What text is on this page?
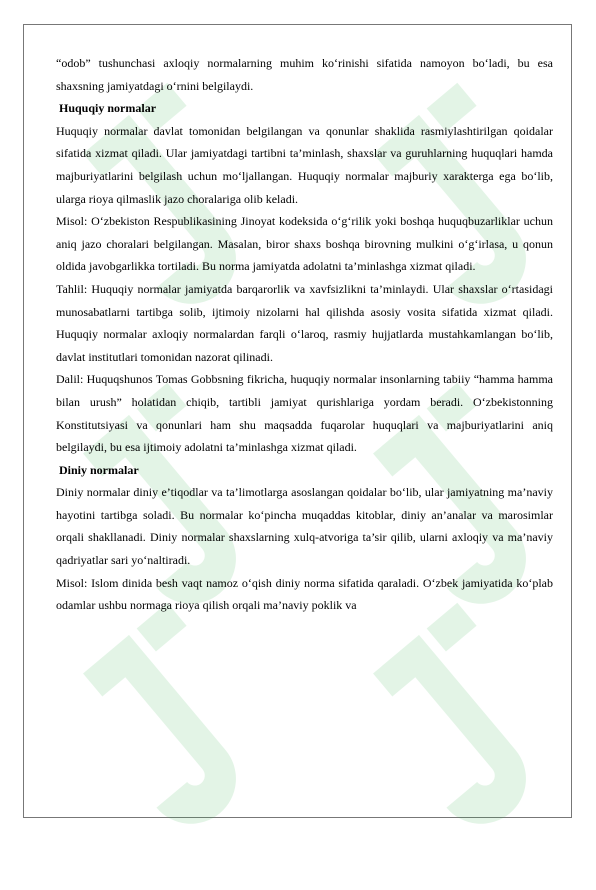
“odob” tushunchasi axloqiy normalarning muhim ko‘rinishi sifatida namoyon bo‘ladi, bu esa shaxsning jamiyatdagi o‘rnini belgilaydi.

Huquqiy normalar

Huquqiy normalar davlat tomonidan belgilangan va qonunlar shaklida rasmiylashtirilgan qoidalar sifatida xizmat qiladi. Ular jamiyatdagi tartibni ta’minlash, shaxslar va guruhlarning huquqlari hamda majburiyatlarini belgilash uchun mo‘ljallangan. Huquqiy normalar majburiy xarakterga ega bo‘lib, ularga rioya qilmaslik jazo choralariga olib keladi.

Misol: O‘zbekiston Respublikasining Jinoyat kodeksida o‘g‘rilik yoki boshqa huquqbuzarliklar uchun aniq jazo choralari belgilangan. Masalan, biror shaxs boshqa birovning mulkini o‘g‘irlasa, u qonun oldida javobgarlikka tortiladi. Bu norma jamiyatda adolatni ta’minlashga xizmat qiladi.

Tahlil: Huquqiy normalar jamiyatda barqarorlik va xavfsizlikni ta’minlaydi. Ular shaxslar o‘rtasidagi munosabatlarni tartibga solib, ijtimoiy nizolarni hal qilishda asosiy vosita sifatida xizmat qiladi. Huquqiy normalar axloqiy normalardan farqli o‘laroq, rasmiy hujjatlarda mustahkamlangan bo‘lib, davlat institutlari tomonidan nazorat qilinadi.

Dalil: Huquqshunos Tomas Gobbsning fikricha, huquqiy normalar insonlarning tabiiy “hamma hamma bilan urush” holatidan chiqib, tartibli jamiyat qurishlariga yordam beradi. O‘zbekistonning Konstitutsiyasi va qonunlari ham shu maqsadda fuqarolar huquqlari va majburiyatlarini aniq belgilaydi, bu esa ijtimoiy adolatni ta’minlashga xizmat qiladi.

Diniy normalar

Diniy normalar diniy e’tiqodlar va ta’limotlarga asoslangan qoidalar bo‘lib, ular jamiyatning ma’naviy hayotini tartibga soladi. Bu normalar ko‘pincha muqaddas kitoblar, diniy an’analar va marosimlar orqali shakllanadi. Diniy normalar shaxslarning xulq-atvoriga ta’sir qilib, ularni axloqiy va ma’naviy qadriyatlar sari yo‘naltiradi.

Misol: Islom dinida besh vaqt namoz o‘qish diniy norma sifatida qaraladi. O‘zbek jamiyatida ko‘plab odamlar ushbu normaga rioya qilish orqali ma’naviy poklik va
